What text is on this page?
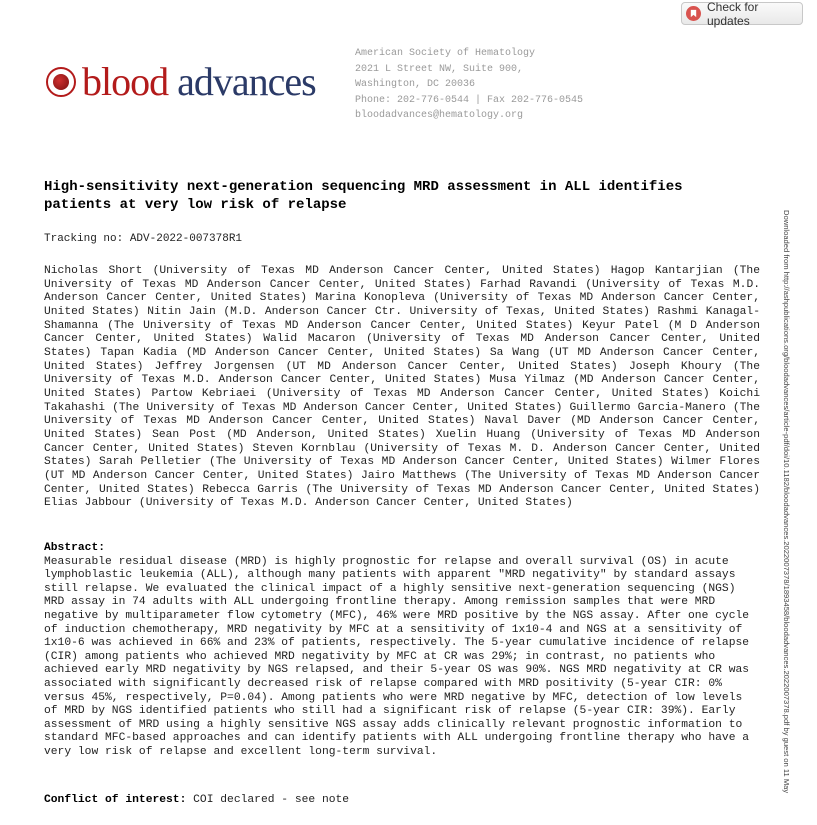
Check for updates
blood advances
American Society of Hematology
2021 L Street NW, Suite 900,
Washington, DC 20036
Phone: 202-776-0544 | Fax 202-776-0545
bloodadvances@hematology.org
High-sensitivity next-generation sequencing MRD assessment in ALL identifies patients at very low risk of relapse
Tracking no: ADV-2022-007378R1
Nicholas Short (University of Texas MD Anderson Cancer Center, United States) Hagop Kantarjian (The University of Texas MD Anderson Cancer Center, United States) Farhad Ravandi (University of Texas M.D. Anderson Cancer Center, United States) Marina Konopleva (University of Texas MD Anderson Cancer Center, United States) Nitin Jain (M.D. Anderson Cancer Ctr. University of Texas, United States) Rashmi Kanagal-Shamanna (The University of Texas MD Anderson Cancer Center, United States) Keyur Patel (M D Anderson Cancer Center, United States) Walid Macaron (University of Texas MD Anderson Cancer Center, United States) Tapan Kadia (MD Anderson Cancer Center, United States) Sa Wang (UT MD Anderson Cancer Center, United States) Jeffrey Jorgensen (UT MD Anderson Cancer Center, United States) Joseph Khoury (The University of Texas M.D. Anderson Cancer Center, United States) Musa Yilmaz (MD Anderson Cancer Center, United States) Partow Kebriaei (University of Texas MD Anderson Cancer Center, United States) Koichi Takahashi (The University of Texas MD Anderson Cancer Center, United States) Guillermo Garcia-Manero (The University of Texas MD Anderson Cancer Center, United States) Naval Daver (MD Anderson Cancer Center, United States) Sean Post (MD Anderson, United States) Xuelin Huang (University of Texas MD Anderson Cancer Center, United States) Steven Kornblau (University of Texas M. D. Anderson Cancer Center, United States) Sarah Pelletier (The University of Texas MD Anderson Cancer Center, United States) Wilmer Flores (UT MD Anderson Cancer Center, United States) Jairo Matthews (The University of Texas MD Anderson Cancer Center, United States) Rebecca Garris (The University of Texas MD Anderson Cancer Center, United States) Elias Jabbour (University of Texas M.D. Anderson Cancer Center, United States)
Abstract:
Measurable residual disease (MRD) is highly prognostic for relapse and overall survival (OS) in acute lymphoblastic leukemia (ALL), although many patients with apparent "MRD negativity" by standard assays still relapse. We evaluated the clinical impact of a highly sensitive next-generation sequencing (NGS) MRD assay in 74 adults with ALL undergoing frontline therapy. Among remission samples that were MRD negative by multiparameter flow cytometry (MFC), 46% were MRD positive by the NGS assay. After one cycle of induction chemotherapy, MRD negativity by MFC at a sensitivity of 1x10-4 and NGS at a sensitivity of 1x10-6 was achieved in 66% and 23% of patients, respectively. The 5-year cumulative incidence of relapse (CIR) among patients who achieved MRD negativity by MFC at CR was 29%; in contrast, no patients who achieved early MRD negativity by NGS relapsed, and their 5-year OS was 90%. NGS MRD negativity at CR was associated with significantly decreased risk of relapse compared with MRD positivity (5-year CIR: 0% versus 45%, respectively, P=0.04). Among patients who were MRD negative by MFC, detection of low levels of MRD by NGS identified patients who still had a significant risk of relapse (5-year CIR: 39%). Early assessment of MRD using a highly sensitive NGS assay adds clinically relevant prognostic information to standard MFC-based approaches and can identify patients with ALL undergoing frontline therapy who have a very low risk of relapse and excellent long-term survival.
Conflict of interest: COI declared - see note
Downloaded from http://ashpublications.org/bloodadvances/article-pdf/doi/10.1182/bloodadvances.2022007378/1893458/bloodadvances.2022007378.pdf by guest on 11 May
